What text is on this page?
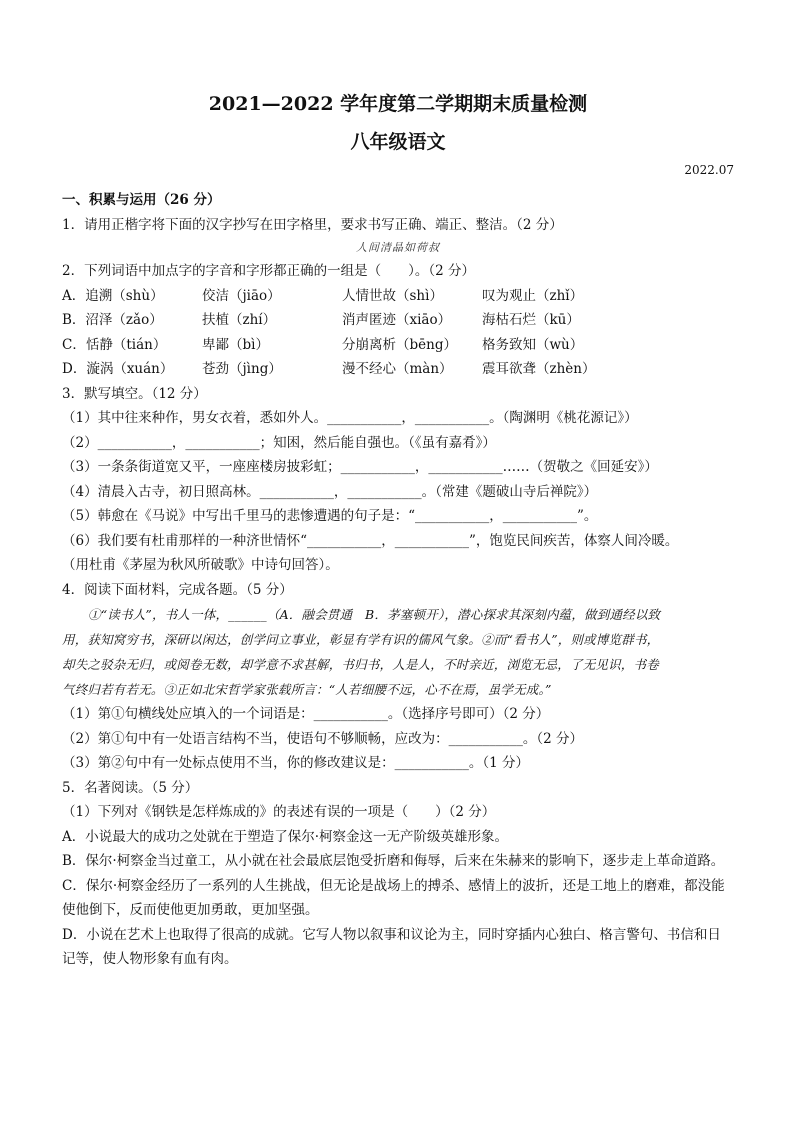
2021—2022 学年度第二学期期末质量检测
八年级语文
2022.07
一、积累与运用（26 分）
1．请用正楷字将下面的汉字抄写在田字格里，要求书写正确、端正、整洁。（2 分）
人间清晶如荷叔
2．下列词语中加点字的字音和字形都正确的一组是（　　）。（2 分）
A．追溯（shù）	佼洁（jiāo）	人情世故（shì）	叹为观止（zhǐ）
B．沼泽（zǎo）	扶植（zhí）	消声匿迹（xiāo）	海枯石烂（kū）
C．恬静（tián）	卑鄙（bì）	分崩离析（bēng）	格务致知（wù）
D．漩涡（xuán）	苍劲（jìng）	漫不经心（màn）	震耳欲聋（zhèn）
3．默写填空。（12 分）
（1）其中往来种作，男女衣着，悉如外人。___________，___________。（陶渊明《桃花源记》）
（2）___________，___________；知困，然后能自强也。（《虽有嘉肴》）
（3）一条条街道宽又平，一座座楼房披彩虹；___________，___________……（贺敬之《回延安》）
（4）清晨入古寺，初日照高林。___________，___________。（常建《题破山寺后禅院》）
（5）韩愈在《马说》中写出千里马的悲惨遭遇的句子是：“___________，___________”。
（6）我们要有杜甫那样的一种济世情怀“___________，___________”，饱览民间疾苦，体察人间冷暖。
（用杜甫《茅屋为秋风所破歌》中诗句回答）。
4．阅读下面材料，完成各题。（5 分）
①“读书人”，书人一体，______（A．融会贯通　B．茅塞顿开），潜心探求其深刻内蕴，做到通经以致
用，获知窝穷书，深研以闲达，创学问立事业，彰显有学有识的儒风气象。②而“看书人”，则或博览群书，
却失之驳杂无归，或阅卷无数，却学意不求甚解，书归书，人是人，不时亲近，浏览无忌，了无见识，书卷
气终归若有若无。③正如北宋哲学家张载所言：“人若细腰不远，心不在焉，虽学无成。”
（1）第①句横线处应填入的一个词语是：___________。（选择序号即可）（2 分）
（2）第①句中有一处语言结构不当，使语句不够顺畅，应改为：___________。（2 分）
（3）第②句中有一处标点使用不当，你的修改建议是：___________。（1 分）
5．名著阅读。（5 分）
（1）下列对《钢铁是怎样炼成的》的表述有误的一项是（　　）（2 分）
A．小说最大的成功之处就在于塑造了保尔·柯察金这一无产阶级英雄形象。
B．保尔·柯察金当过童工，从小就在社会最底层饱受折磨和侮辱，后来在朱赫来的影响下，逐步走上革命道路。
C．保尔·柯察金经历了一系列的人生挑战，但无论是战场上的搏杀、感情上的波折，还是工地上的磨难，都没能使他倒下，反而使他更加勇敢，更加坚强。
D．小说在艺术上也取得了很高的成就。它写人物以叙事和议论为主，同时穿插内心独白、格言警句、书信和日记等，使人物形象有血有肉。
